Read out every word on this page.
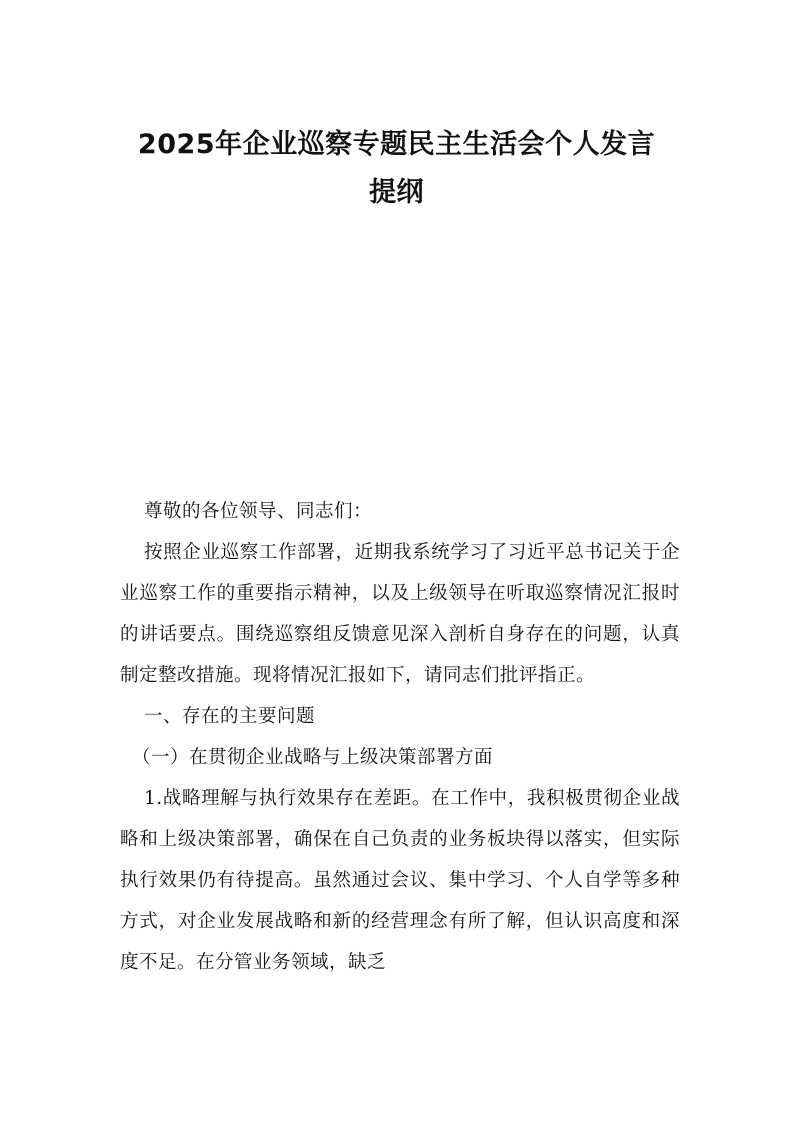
2025年企业巡察专题民主生活会个人发言
提纲

尊敬的各位领导、同志们：

按照企业巡察工作部署，近期我系统学习了习近平总书记关于企业巡察工作的重要指示精神，以及上级领导在听取巡察情况汇报时的讲话要点。围绕巡察组反馈意见深入剖析自身存在的问题，认真制定整改措施。现将情况汇报如下，请同志们批评指正。

一、存在的主要问题

（一）在贯彻企业战略与上级决策部署方面

1.战略理解与执行效果存在差距。在工作中，我积极贯彻企业战略和上级决策部署，确保在自己负责的业务板块得以落实，但实际执行效果仍有待提高。虽然通过会议、集中学习、个人自学等多种方式，对企业发展战略和新的经营理念有所了解，但认识高度和深度不足。在分管业务领域，缺乏
